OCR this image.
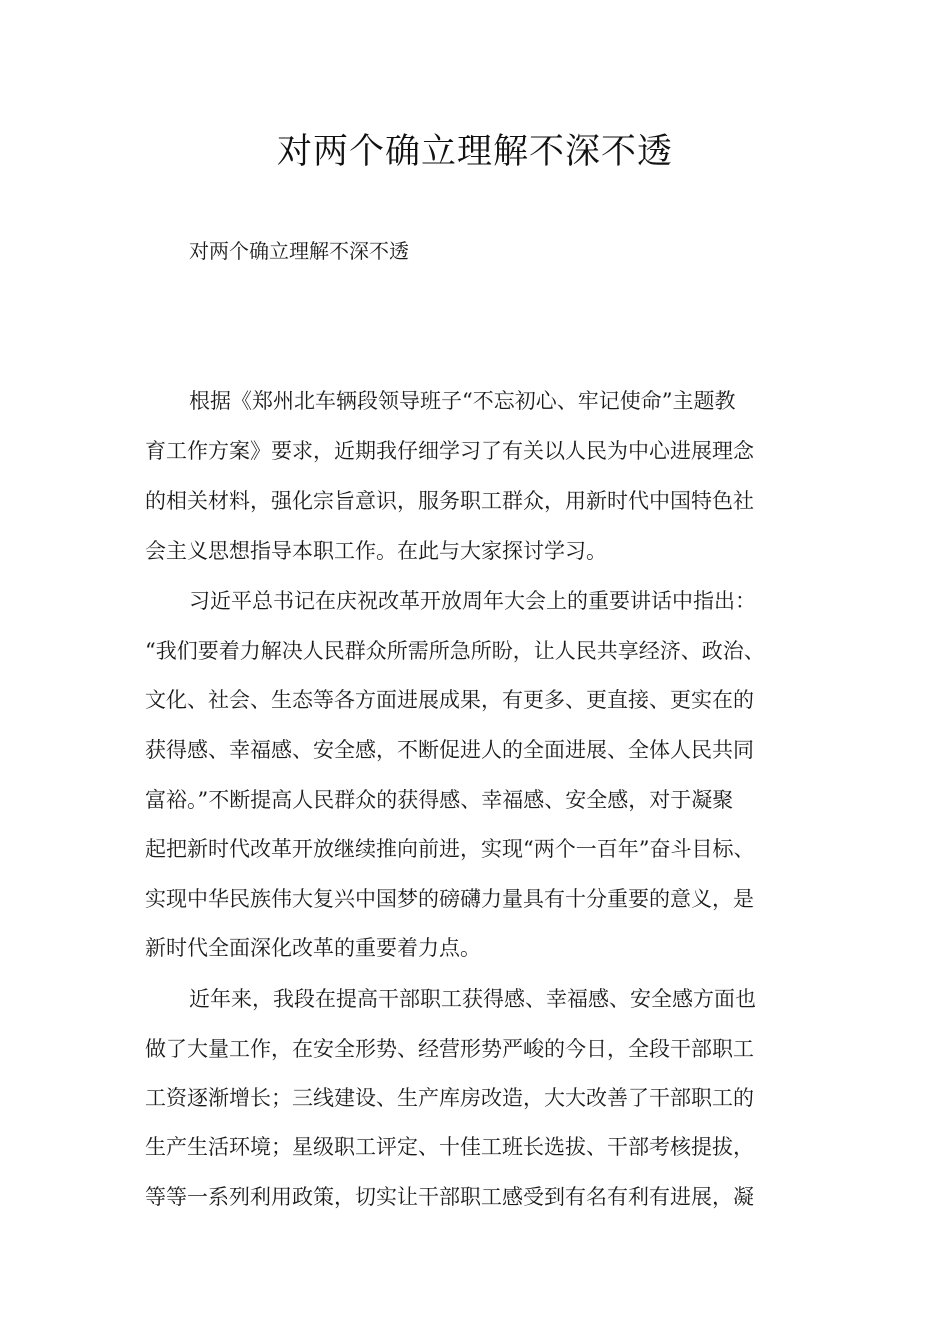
对两个确立理解不深不透
对两个确立理解不深不透
根据《郑州北车辆段领导班子“不忘初心、牢记使命”主题教
育工作方案》要求，近期我仔细学习了有关以人民为中心进展理念
的相关材料，强化宗旨意识，服务职工群众，用新时代中国特色社
会主义思想指导本职工作。在此与大家探讨学习。
习近平总书记在庆祝改革开放周年大会上的重要讲话中指出：
“我们要着力解决人民群众所需所急所盼，让人民共享经济、政治、
文化、社会、生态等各方面进展成果，有更多、更直接、更实在的
获得感、幸福感、安全感，不断促进人的全面进展、全体人民共同
富裕。”不断提高人民群众的获得感、幸福感、安全感，对于凝聚
起把新时代改革开放继续推向前进，实现“两个一百年”奋斗目标、
实现中华民族伟大复兴中国梦的磅礴力量具有十分重要的意义，是
新时代全面深化改革的重要着力点。
近年来，我段在提高干部职工获得感、幸福感、安全感方面也
做了大量工作，在安全形势、经营形势严峻的今日，全段干部职工
工资逐渐增长；三线建设、生产库房改造，大大改善了干部职工的
生产生活环境；星级职工评定、十佳工班长选拔、干部考核提拔，
等等一系列利用政策，切实让干部职工感受到有名有利有进展，凝
